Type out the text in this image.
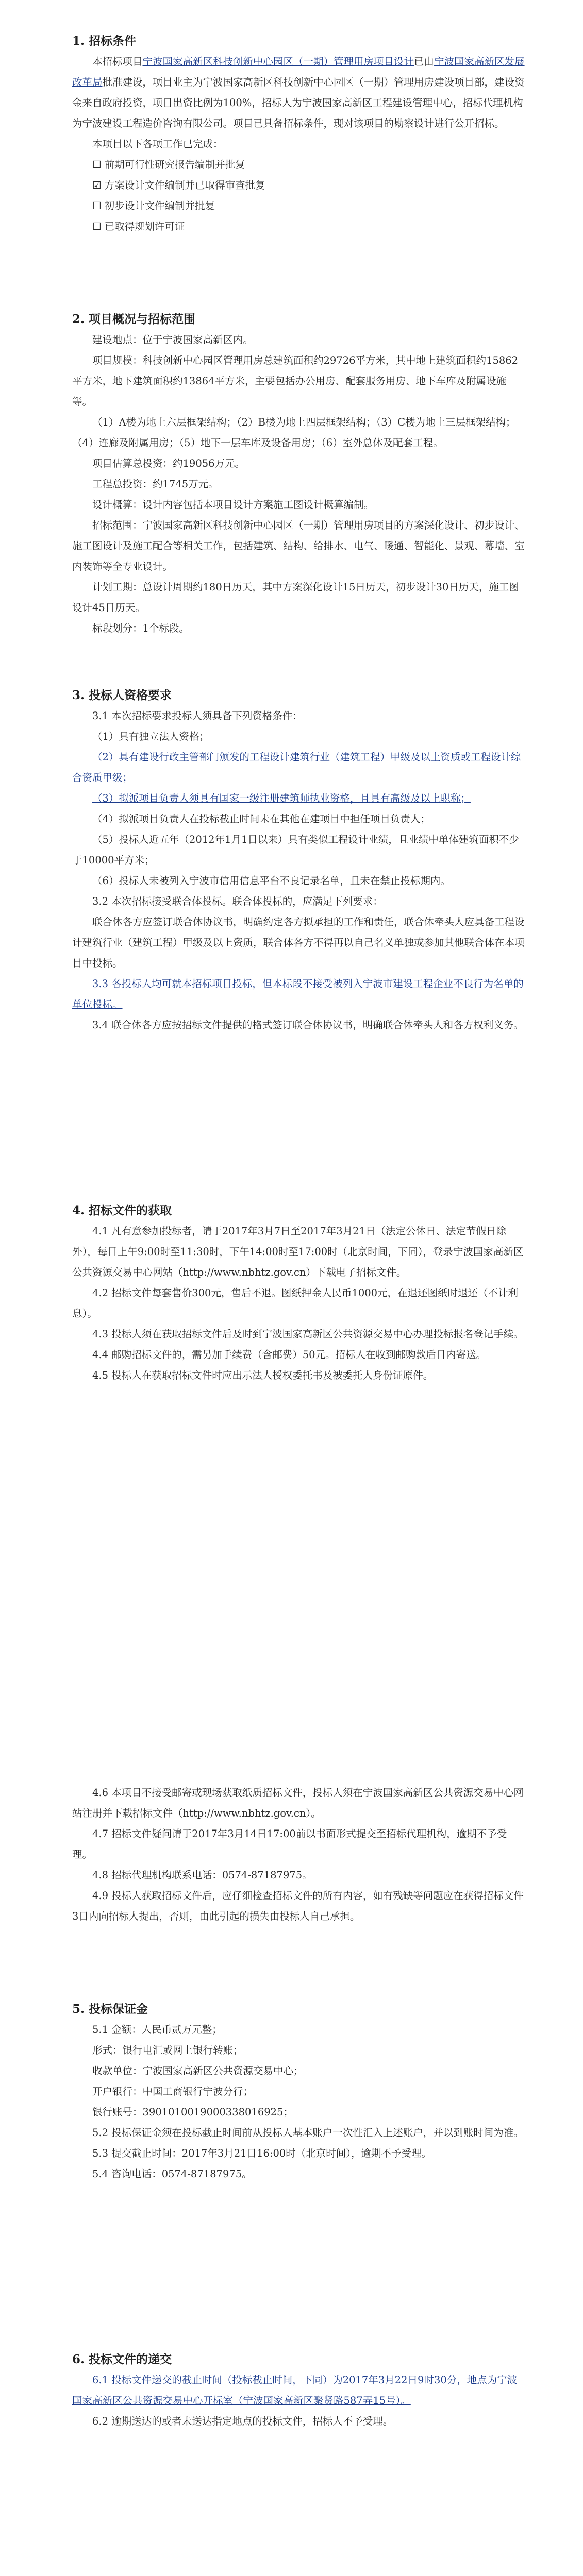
1. 招标条件

本招标项目宁波国家高新区科技创新中心园区（一期）管理用房项目设计已由宁波国家高新区发展改革局批准建设，项目业主为宁波国家高新区科技创新中心园区（一期）管理用房建设项目部，建设资金来自政府投资，项目出资比例为100%，招标人为宁波国家高新区工程建设管理中心，招标代理机构为宁波建设工程造价咨询有限公司。项目已具备招标条件，现对该项目的勘察设计进行公开招标。

本项目以下各项工作已完成：

☐ 前期可行性研究报告编制并批复

☑ 方案设计文件编制并已取得审查批复

☐ 初步设计文件编制并批复

☐ 已取得规划许可证

2. 项目概况与招标范围

建设地点：位于宁波国家高新区内。

项目规模：科技创新中心园区管理用房总建筑面积约29726平方米，其中地上建筑面积约15862平方米，地下建筑面积约13864平方米，主要包括办公用房、配套服务用房、地下车库及附属设施等。

（1）A楼为地上六层框架结构；（2）B楼为地上四层框架结构；（3）C楼为地上三层框架结构；（4）连廊及附属用房；（5）地下一层车库及设备用房；（6）室外总体及配套工程。

项目估算总投资：约19056万元。

工程总投资：约1745万元。

设计概算：设计内容包括本项目设计方案施工图设计概算编制。

招标范围：宁波国家高新区科技创新中心园区（一期）管理用房项目的方案深化设计、初步设计、施工图设计及施工配合等相关工作，包括建筑、结构、给排水、电气、暖通、智能化、景观、幕墙、室内装饰等全专业设计。

计划工期：总设计周期约180日历天，其中方案深化设计15日历天，初步设计30日历天，施工图设计45日历天。

标段划分：1个标段。

3. 投标人资格要求

3.1 本次招标要求投标人须具备下列资格条件：

（1）具有独立法人资格；

（2）具有建设行政主管部门颁发的工程设计建筑行业（建筑工程）甲级及以上资质或工程设计综合资质甲级；

（3）拟派项目负责人须具有国家一级注册建筑师执业资格，且具有高级及以上职称；

（4）拟派项目负责人在投标截止时间未在其他在建项目中担任项目负责人；

（5）投标人近五年（2012年1月1日以来）具有类似工程设计业绩，且业绩中单体建筑面积不少于10000平方米；

（6）投标人未被列入宁波市信用信息平台不良记录名单，且未在禁止投标期内。

3.2 本次招标接受联合体投标。联合体投标的，应满足下列要求：

联合体各方应签订联合体协议书，明确约定各方拟承担的工作和责任，联合体牵头人应具备工程设计建筑行业（建筑工程）甲级及以上资质，联合体各方不得再以自己名义单独或参加其他联合体在本项目中投标。

3.3 各投标人均可就本招标项目投标，但本标段不接受被列入宁波市建设工程企业不良行为名单的单位投标。

3.4 联合体各方应按招标文件提供的格式签订联合体协议书，明确联合体牵头人和各方权利义务。

4. 招标文件的获取

4.1 凡有意参加投标者，请于2017年3月7日至2017年3月21日（法定公休日、法定节假日除外），每日上午9:00时至11:30时，下午14:00时至17:00时（北京时间，下同），登录宁波国家高新区公共资源交易中心网站（http://www.nbhtz.gov.cn）下载电子招标文件。

4.2 招标文件每套售价300元，售后不退。图纸押金人民币1000元，在退还图纸时退还（不计利息）。

4.3 投标人须在获取招标文件后及时到宁波国家高新区公共资源交易中心办理投标报名登记手续。

4.4 邮购招标文件的，需另加手续费（含邮费）50元。招标人在收到邮购款后日内寄送。

4.5 投标人在获取招标文件时应出示法人授权委托书及被委托人身份证原件。

4.6 本项目不接受邮寄或现场获取纸质招标文件，投标人须在宁波国家高新区公共资源交易中心网站注册并下载招标文件（http://www.nbhtz.gov.cn）。

4.7 招标文件疑问请于2017年3月14日17:00前以书面形式提交至招标代理机构，逾期不予受理。

4.8 招标代理机构联系电话：0574-87187975。

4.9 投标人获取招标文件后，应仔细检查招标文件的所有内容，如有残缺等问题应在获得招标文件3日内向招标人提出，否则，由此引起的损失由投标人自己承担。

5. 投标保证金

5.1 金额：人民币贰万元整；

形式：银行电汇或网上银行转账；

收款单位：宁波国家高新区公共资源交易中心；

开户银行：中国工商银行宁波分行；

银行账号：3901010019000338016925；

5.2 投标保证金须在投标截止时间前从投标人基本账户一次性汇入上述账户，并以到账时间为准。

5.3 提交截止时间：2017年3月21日16:00时（北京时间），逾期不予受理。

5.4 咨询电话：0574-87187975。

6. 投标文件的递交

6.1 投标文件递交的截止时间（投标截止时间，下同）为2017年3月22日9时30分，地点为宁波国家高新区公共资源交易中心开标室（宁波国家高新区聚贤路587弄15号）。

6.2 逾期送达的或者未送达指定地点的投标文件，招标人不予受理。
